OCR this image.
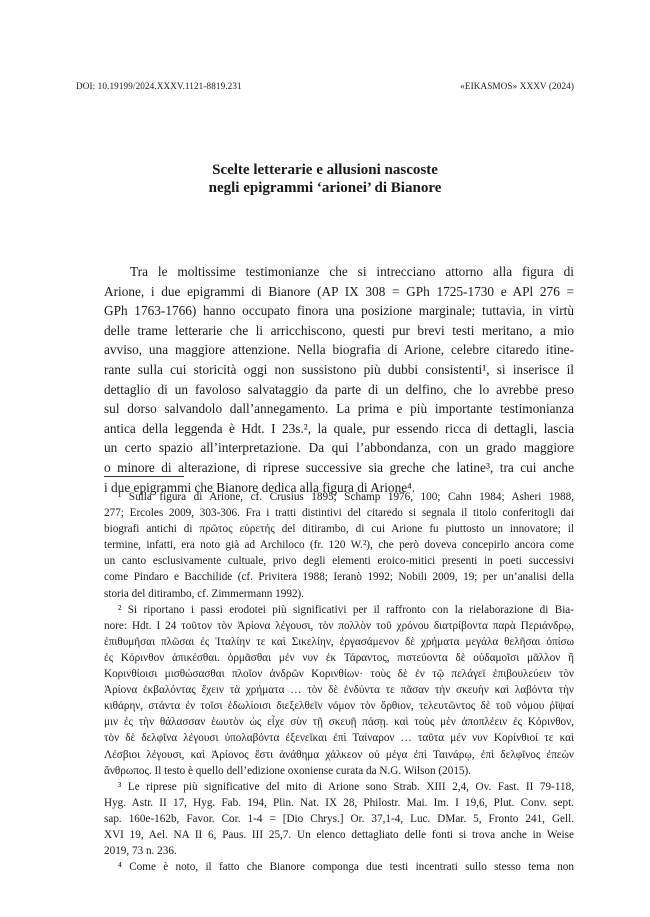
DOI: 10.19199/2024.XXXV.1121-8819.231	«EIKASMOS» XXXV (2024)
Scelte letterarie e allusioni nascoste
negli epigrammi ‘arionei’ di Bianore
Tra le moltissime testimonianze che si intrecciano attorno alla figura di
Arione, i due epigrammi di Bianore (AP IX 308 = GPh 1725-1730 e APl 276 =
GPh 1763-1766) hanno occupato finora una posizione marginale; tuttavia, in virtù
delle trame letterarie che li arricchiscono, questi pur brevi testi meritano, a mio
avviso, una maggiore attenzione. Nella biografia di Arione, celebre citaredo itine-
rante sulla cui storicità oggi non sussistono più dubbi consistenti¹, si inserisce il
dettaglio di un favoloso salvataggio da parte di un delfino, che lo avrebbe preso
sul dorso salvandolo dall’annegamento. La prima e più importante testimonianza
antica della leggenda è Hdt. I 23s.², la quale, pur essendo ricca di dettagli, lascia
un certo spazio all’interpretazione. Da qui l’abbondanza, con un grado maggiore
o minore di alterazione, di riprese successive sia greche che latine³, tra cui anche
i due epigrammi che Bianore dedica alla figura di Arione⁴.
¹ Sulla figura di Arione, cf. Crusius 1895; Schamp 1976, 100; Cahn 1984; Asheri 1988,
277; Ercoles 2009, 303-306. Fra i tratti distintivi del citaredo si segnala il titolo conferitogli dai
biografi antichi di πρῶτος εὑρετής del ditirambo, di cui Arione fu piuttosto un innovatore; il
termine, infatti, era noto già ad Archiloco (fr. 120 W.²), che però doveva concepirlo ancora come
un canto esclusivamente cultuale, privo degli elementi eroico-mitici presenti in poeti successivi
come Pindaro e Bacchilide (cf. Privitera 1988; Ieranò 1992; Nobili 2009, 19; per un’analisi della
storia del ditirambo, cf. Zimmermann 1992).
² Si riportano i passi erodotei più significativi per il raffronto con la rielaborazione di Bia-
nore: Hdt. I 24 τοῦτον τὸν Ἀρίονα λέγουσι, τὸν πολλὸν τοῦ χρόνου διατρίβοντα παρὰ Περιάνδρῳ,
ἐπιθυμῆσαι πλῶσαι ἐς Ἰταλίην τε καὶ Σικελίην, ἐργασάμενον δὲ χρήματα μεγάλα θελῆσαι ὀπίσω
ἐς Κόρινθον ἀπικέσθαι. ὁρμᾶσθαι μέν νυν ἐκ Τάραντος, πιστεύοντα δὲ οὐδαμοῖσι μᾶλλον ἢ
Κορινθίοισι μισθώσασθαι πλοῖον ἀνδρῶν Κορινθίων· τοὺς δὲ ἐν τῷ πελάγεϊ ἐπιβουλεύειν τὸν
Ἀρίονα ἐκβαλόντας ἔχειν τὰ χρήματα … τὸν δὲ ἐνδύντα τε πᾶσαν τὴν σκευὴν καὶ λαβόντα τὴν
κιθάρην, στάντα ἐν τοῖσι ἑδωλίοισι διεξελθεῖν νόμον τὸν ὄρθιον, τελευτῶντος δὲ τοῦ νόμου ῥῖψαί
μιν ἐς τὴν θάλασσαν ἑωυτὸν ὡς εἶχε σὺν τῇ σκευῇ πάσῃ. καὶ τοὺς μὲν ἀποπλέειν ἐς Κόρινθον,
τὸν δὲ δελφῖνα λέγουσι ὑπολαβόντα ἐξενεῖκαι ἐπὶ Ταίναρον … ταῦτα μέν νυν Κορίνθιοί τε καὶ
Λέσβιοι λέγουσι, καὶ Ἀρίονος ἔστι ἀνάθημα χάλκεον οὐ μέγα ἐπὶ Ταινάρῳ, ἐπὶ δελφῖνος ἐπεὼν
ἄνθρωπος. Il testo è quello dell’edizione oxoniense curata da N.G. Wilson (2015).
³ Le riprese più significative del mito di Arione sono Strab. XIII 2,4, Ov. Fast. II 79-118,
Hyg. Astr. II 17, Hyg. Fab. 194, Plin. Nat. IX 28, Philostr. Mai. Im. I 19,6, Plut. Conv. sept.
sap. 160e-162b, Favor. Cor. 1-4 = [Dio Chrys.] Or. 37,1-4, Luc. DMar. 5, Fronto 241, Gell.
XVI 19, Ael. NA II 6, Paus. III 25,7. Un elenco dettagliato delle fonti si trova anche in Weise
2019, 73 n. 236.
⁴ Come è noto, il fatto che Bianore componga due testi incentrati sullo stesso tema non
